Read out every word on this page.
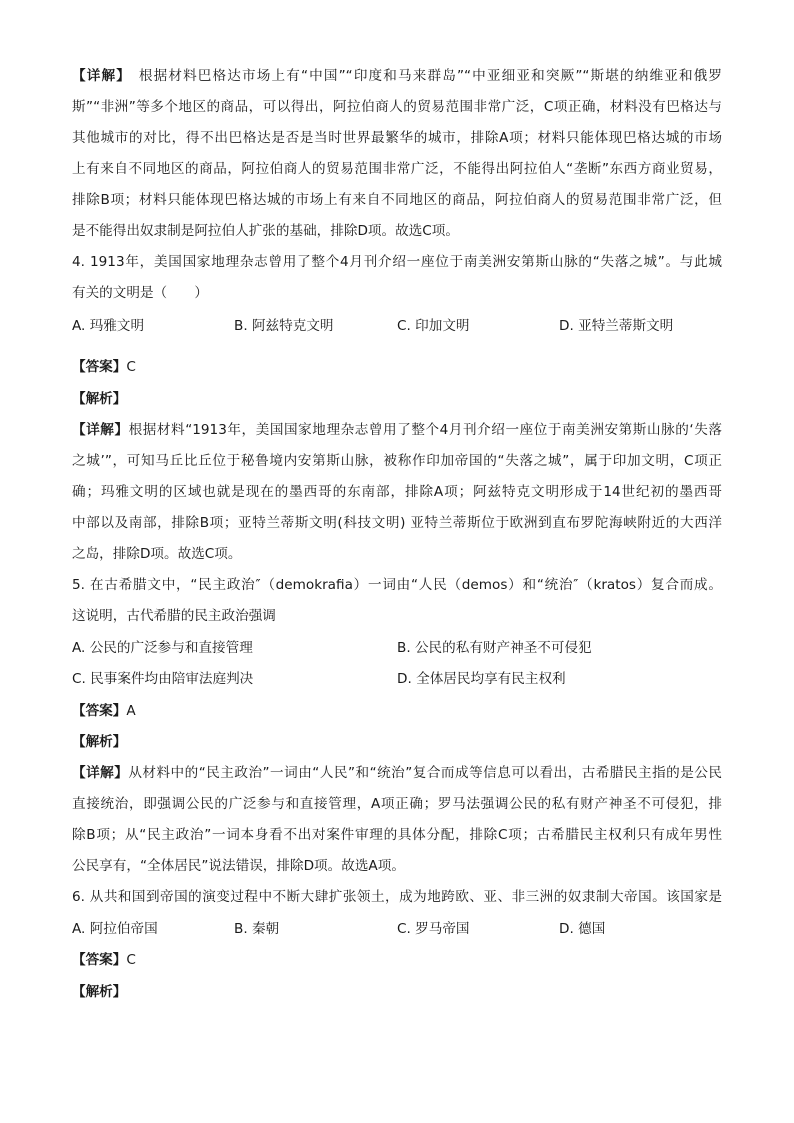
【详解】  根据材料巴格达市场上有“中国”“印度和马来群岛”“中亚细亚和突厥”“斯堪的纳维亚和俄罗
斯”“非洲”等多个地区的商品，可以得出，阿拉伯商人的贸易范围非常广泛，C项正确，材料没有巴格达与
其他城市的对比，得不出巴格达是否是当时世界最繁华的城市，排除A项；材料只能体现巴格达城的市场
上有来自不同地区的商品，阿拉伯商人的贸易范围非常广泛，不能得出阿拉伯人“垄断”东西方商业贸易，
排除B项；材料只能体现巴格达城的市场上有来自不同地区的商品，阿拉伯商人的贸易范围非常广泛，但
是不能得出奴隶制是阿拉伯人扩张的基础，排除D项。故选C项。
4. 1913年，美国国家地理杂志曾用了整个4月刊介绍一座位于南美洲安第斯山脉的“失落之城”。与此城
有关的文明是（　　）
A. 玛雅文明	B. 阿兹特克文明	C. 印加文明	D. 亚特兰蒂斯文明
【答案】C
【解析】
【详解】根据材料“1913年，美国国家地理杂志曾用了整个4月刊介绍一座位于南美洲安第斯山脉的‘失落
之城’”，可知马丘比丘位于秘鲁境内安第斯山脉，被称作印加帝国的“失落之城”，属于印加文明，C项正
确；玛雅文明的区域也就是现在的墨西哥的东南部，排除A项；阿兹特克文明形成于14世纪初的墨西哥
中部以及南部，排除B项；亚特兰蒂斯文明(科技文明) 亚特兰蒂斯位于欧洲到直布罗陀海峡附近的大西洋
之岛，排除D项。故选C项。
5. 在古希腊文中，“民主政治″（demokrafia）一词由“人民（demos）和“统治″（kratos）复合而成。
这说明，古代希腊的民主政治强调
A. 公民的广泛参与和直接管理	B. 公民的私有财产神圣不可侵犯
C. 民事案件均由陪审法庭判决	D. 全体居民均享有民主权利
【答案】A
【解析】
【详解】从材料中的“民主政治”一词由“人民”和“统治”复合而成等信息可以看出，古希腊民主指的是公民
直接统治，即强调公民的广泛参与和直接管理，A项正确；罗马法强调公民的私有财产神圣不可侵犯，排
除B项；从“民主政治”一词本身看不出对案件审理的具体分配，排除C项；古希腊民主权利只有成年男性
公民享有，“全体居民”说法错误，排除D项。故选A项。
6. 从共和国到帝国的演变过程中不断大肆扩张领土，成为地跨欧、亚、非三洲的奴隶制大帝国。该国家是
A. 阿拉伯帝国	B. 秦朝	C. 罗马帝国	D. 德国
【答案】C
【解析】
